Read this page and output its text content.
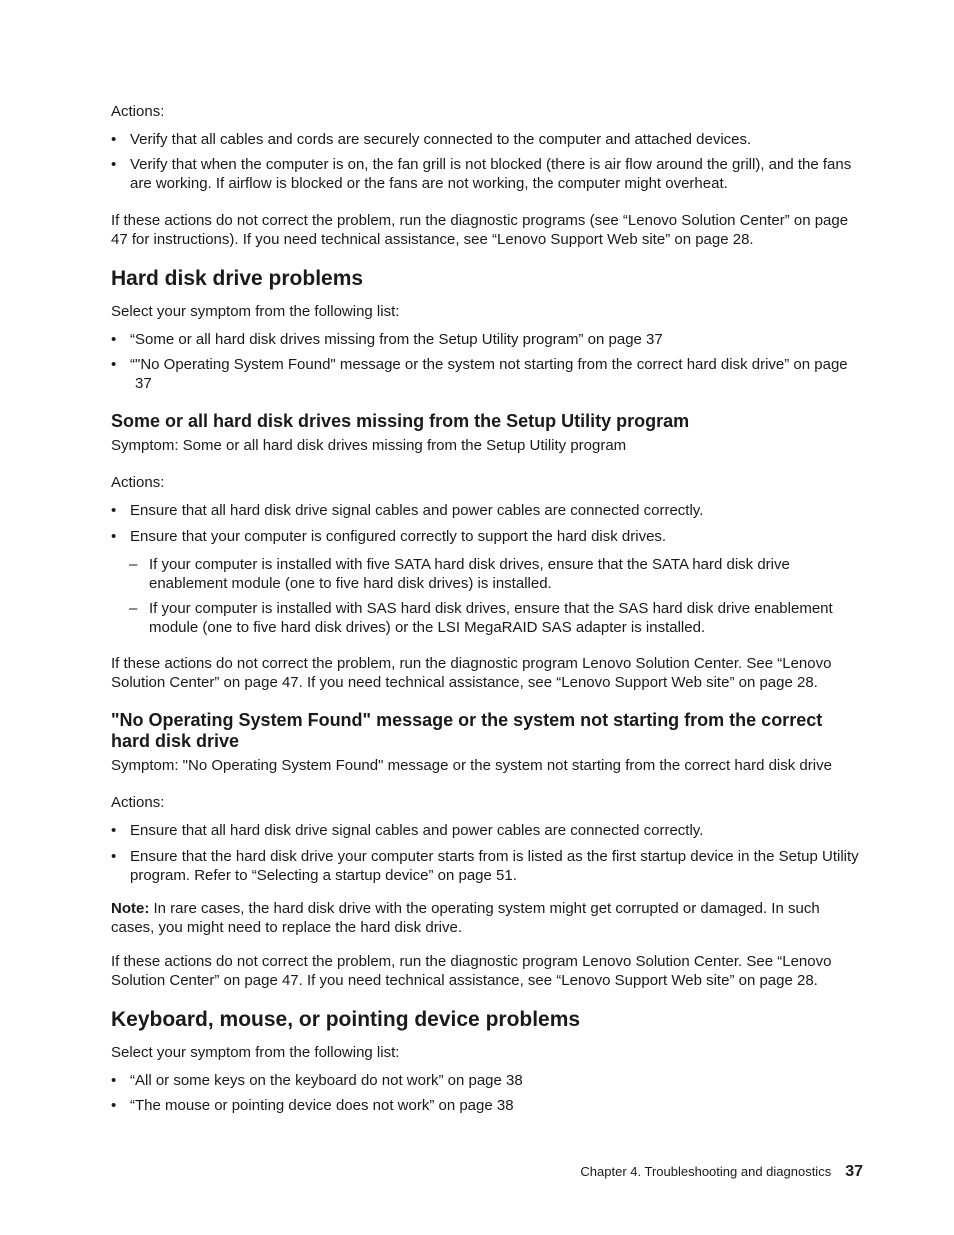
Actions:

• Verify that all cables and cords are securely connected to the computer and attached devices.
• Verify that when the computer is on, the fan grill is not blocked (there is air flow around the grill), and the fans are working. If airflow is blocked or the fans are not working, the computer might overheat.

If these actions do not correct the problem, run the diagnostic programs (see “Lenovo Solution Center” on page 47 for instructions). If you need technical assistance, see “Lenovo Support Web site” on page 28.

Hard disk drive problems

Select your symptom from the following list:

• “Some or all hard disk drives missing from the Setup Utility program” on page 37
• “"No Operating System Found" message or the system not starting from the correct hard disk drive” on page 37
Some or all hard disk drives missing from the Setup Utility program

Symptom: Some or all hard disk drives missing from the Setup Utility program

Actions:

• Ensure that all hard disk drive signal cables and power cables are connected correctly.
• Ensure that your computer is configured correctly to support the hard disk drives.
– If your computer is installed with five SATA hard disk drives, ensure that the SATA hard disk drive enablement module (one to five hard disk drives) is installed.
– If your computer is installed with SAS hard disk drives, ensure that the SAS hard disk drive enablement module (one to five hard disk drives) or the LSI MegaRAID SAS adapter is installed.

If these actions do not correct the problem, run the diagnostic program Lenovo Solution Center. See “Lenovo Solution Center” on page 47. If you need technical assistance, see “Lenovo Support Web site” on page 28.

"No Operating System Found" message or the system not starting from the correct hard disk drive

Symptom: "No Operating System Found" message or the system not starting from the correct hard disk drive

Actions:

• Ensure that all hard disk drive signal cables and power cables are connected correctly.
• Ensure that the hard disk drive your computer starts from is listed as the first startup device in the Setup Utility program. Refer to “Selecting a startup device” on page 51.

Note: In rare cases, the hard disk drive with the operating system might get corrupted or damaged. In such cases, you might need to replace the hard disk drive.

If these actions do not correct the problem, run the diagnostic program Lenovo Solution Center. See “Lenovo Solution Center” on page 47. If you need technical assistance, see “Lenovo Support Web site” on page 28.

Keyboard, mouse, or pointing device problems

Select your symptom from the following list:

• “All or some keys on the keyboard do not work” on page 38
• “The mouse or pointing device does not work” on page 38
Chapter 4. Troubleshooting and diagnostics 37
